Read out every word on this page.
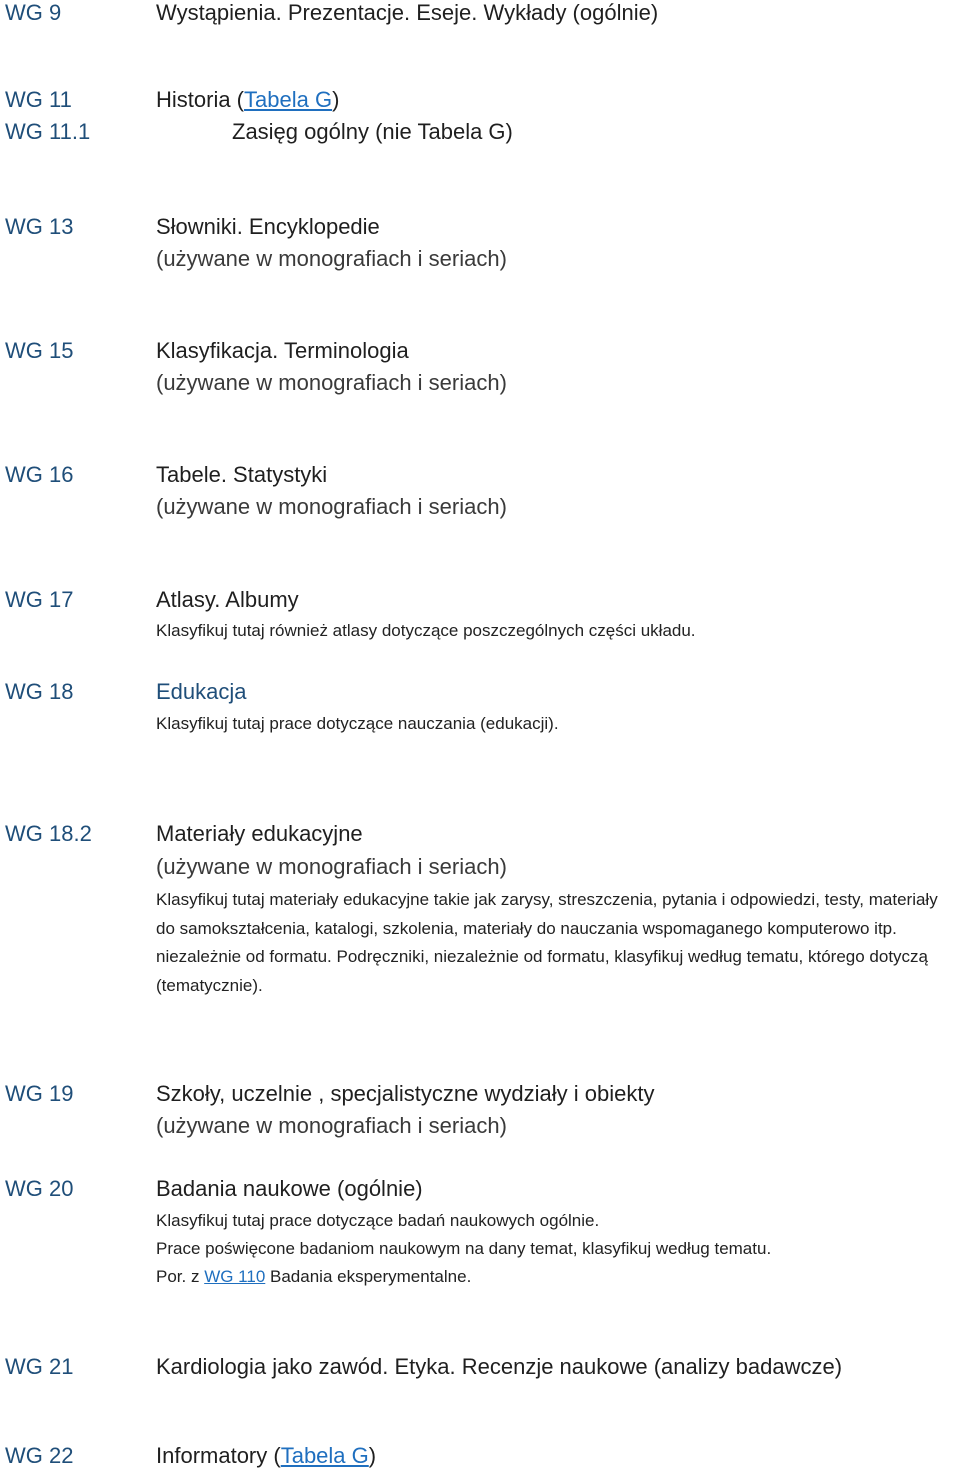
WG 9	Wystąpienia. Prezentacje. Eseje. Wykłady (ogólnie)
WG 11	Historia (Tabela G)
WG 11.1	Zasięg ogólny (nie Tabela G)
WG 13	Słowniki. Encyklopedie
(używane w monografiach i seriach)
WG 15	Klasyfikacja. Terminologia
(używane w monografiach i seriach)
WG 16	Tabele. Statystyki
(używane w monografiach i seriach)
WG 17	Atlasy. Albumy
Klasyfikuj tutaj również atlasy dotyczące poszczególnych części układu.
WG 18	Edukacja
Klasyfikuj tutaj prace dotyczące nauczania (edukacji).
WG 18.2	Materiały edukacyjne
(używane w monografiach i seriach)
Klasyfikuj tutaj materiały edukacyjne takie jak zarysy, streszczenia, pytania i odpowiedzi, testy, materiały do samokształcenia, katalogi, szkolenia, materiały do nauczania wspomaganego komputerowo itp. niezależnie od formatu. Podręczniki, niezależnie od formatu, klasyfikuj według tematu, którego dotyczą (tematycznie).
WG 19	Szkoły, uczelnie , specjalistyczne wydziały i obiekty
(używane w monografiach i seriach)
WG 20	Badania naukowe (ogólnie)
Klasyfikuj tutaj prace dotyczące badań naukowych ogólnie.
Prace poświęcone badaniom naukowym na dany temat, klasyfikuj według tematu.
Por. z WG 110 Badania eksperymentalne.
WG 21	Kardiologia jako zawód. Etyka. Recenzje naukowe (analizy badawcze)
WG 22	Informatory (Tabela G)
